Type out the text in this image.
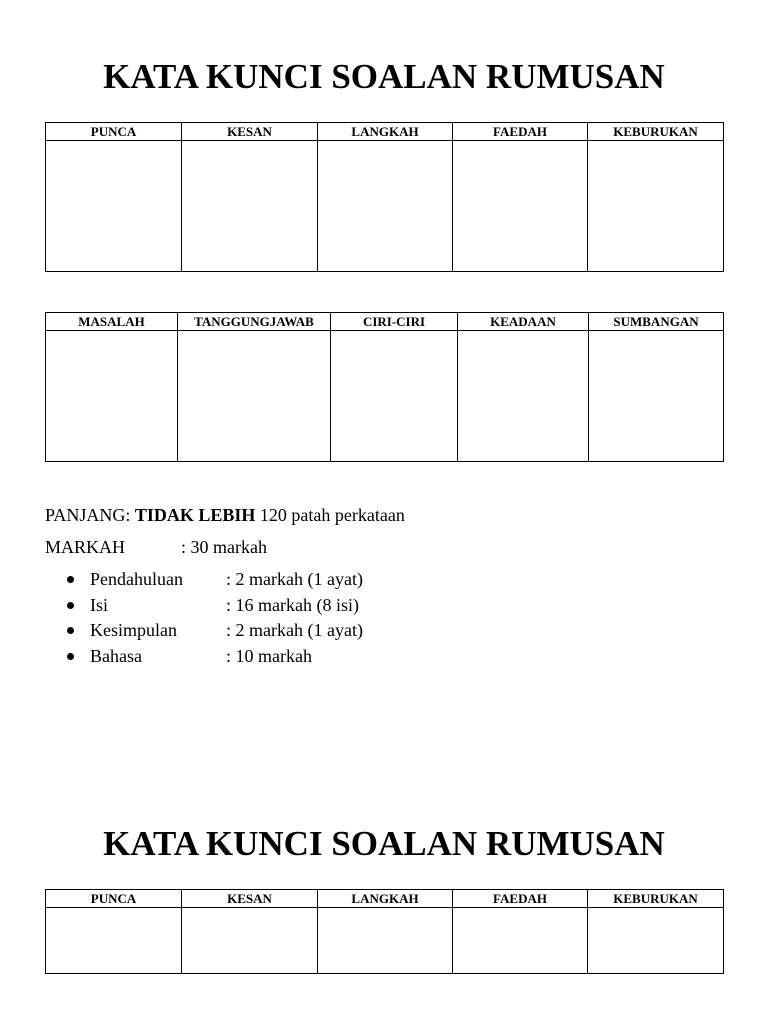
KATA KUNCI SOALAN RUMUSAN
PUNCA	KESAN	LANGKAH	FAEDAH	KEBURUKAN

MASALAH	TANGGUNGJAWAB	CIRI-CIRI	KEADAAN	SUMBANGAN

PANJANG: TIDAK LEBIH 120 patah perkataan
MARKAH	: 30 markah
Pendahuluan : 2 markah (1 ayat)
Isi	: 16 markah (8 isi)
Kesimpulan	: 2 markah (1 ayat)
Bahasa	: 10 markah
KATA KUNCI SOALAN RUMUSAN
PUNCA	KESAN	LANGKAH	FAEDAH	KEBURUKAN
